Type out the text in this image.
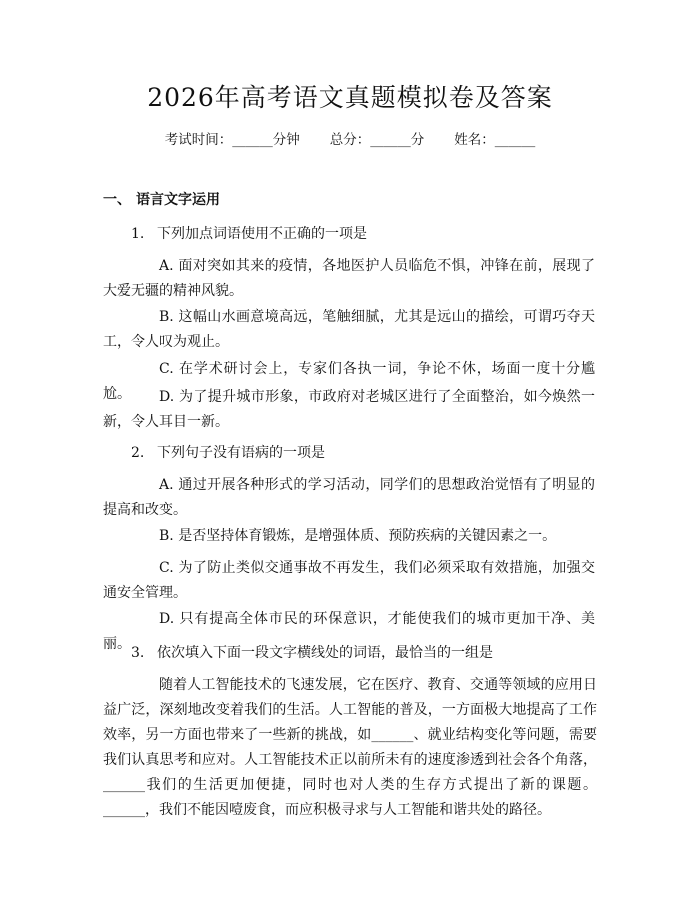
2026年高考语文真题模拟卷及答案
考试时间：______分钟 总分：______分 姓名：______
一、 语言文字运用
1. 下列加点词语使用不正确的一项是
A. 面对突如其来的疫情，各地医护人员临危不惧，冲锋在前，展现了大爱无疆的精神风貌。
B. 这幅山水画意境高远，笔触细腻，尤其是远山的描绘，可谓巧夺天工，令人叹为观止。
C. 在学术研讨会上，专家们各执一词，争论不休，场面一度十分尴尬。	D. 为了提升城市形象，市政府对老城区进行了全面整治，如今焕然一新，令人耳目一新。
2. 下列句子没有语病的一项是
A. 通过开展各种形式的学习活动，同学们的思想政治觉悟有了明显的提高和改变。
B. 是否坚持体育锻炼，是增强体质、预防疾病的关键因素之一。
C. 为了防止类似交通事故不再发生，我们必须采取有效措施，加强交通安全管理。
D. 只有提高全体市民的环保意识，才能使我们的城市更加干净、美丽。
3. 依次填入下面一段文字横线处的词语，最恰当的一组是
随着人工智能技术的飞速发展，它在医疗、教育、交通等领域的应用日益广泛，深刻地改变着我们的生活。人工智能的普及，一方面极大地提高了工作效率，另一方面也带来了一些新的挑战，如______、就业结构变化等问题，需要我们认真思考和应对。人工智能技术正以前所未有的速度渗透到社会各个角落，______我们的生活更加便捷，同时也对人类的生存方式提出了新的课题。______，我们不能因噎废食，而应积极寻求与人工智能和谐共处的路径。
